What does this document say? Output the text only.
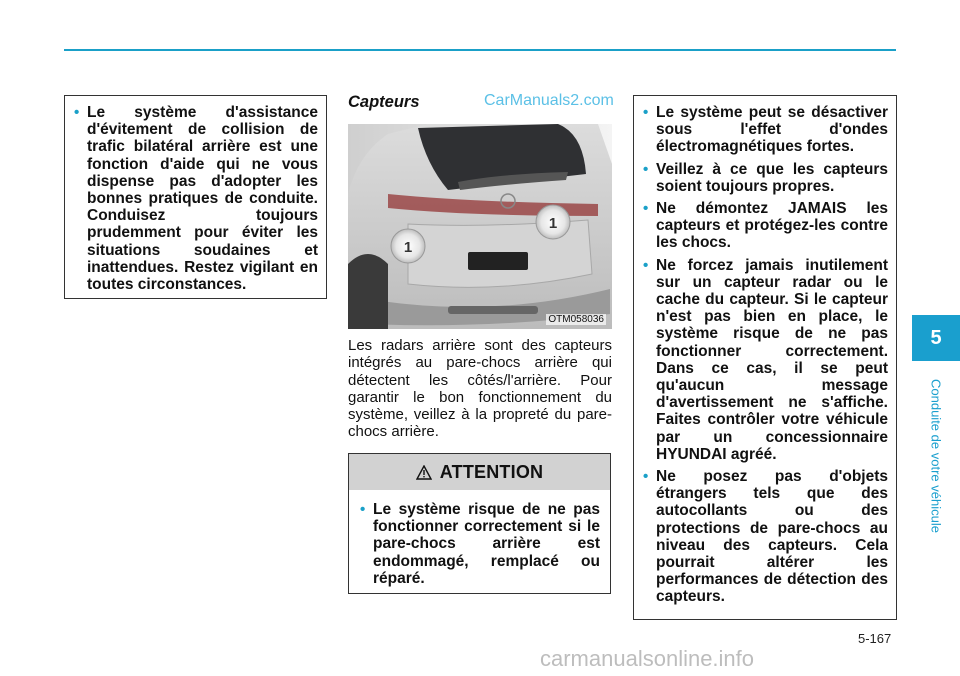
• Le système d'assistance d'évitement de collision de trafic bilatéral arrière est une fonction d'aide qui ne vous dispense pas d'adopter les bonnes pratiques de conduite. Conduisez toujours prudemment pour éviter les situations soudaines et inattendues. Restez vigilant en toutes circonstances.
Capteurs	CarManuals2.com
1
1
OTM058036
Les radars arrière sont des capteurs intégrés au pare-chocs arrière qui détectent les côtés/l'arrière. Pour garantir le bon fonctionnement du système, veillez à la propreté du pare-chocs arrière.
ATTENTION
• Le système risque de ne pas fonctionner correctement si le pare-chocs arrière est endommagé, remplacé ou réparé.
• Le système peut se désactiver sous l'effet d'ondes électromagnétiques fortes.
• Veillez à ce que les capteurs soient toujours propres.
• Ne démontez JAMAIS les capteurs et protégez-les contre les chocs.
• Ne forcez jamais inutilement sur un capteur radar ou le cache du capteur. Si le capteur n'est pas bien en place, le système risque de ne pas fonctionner correctement. Dans ce cas, il se peut qu'aucun message d'avertissement ne s'affiche. Faites contrôler votre véhicule par un concessionnaire HYUNDAI agréé.
• Ne posez pas d'objets étrangers tels que des autocollants ou des protections de pare-chocs au niveau des capteurs. Cela pourrait altérer les performances de détection des capteurs.
5
Conduite de votre véhicule
5-167
carmanualsonline.info
